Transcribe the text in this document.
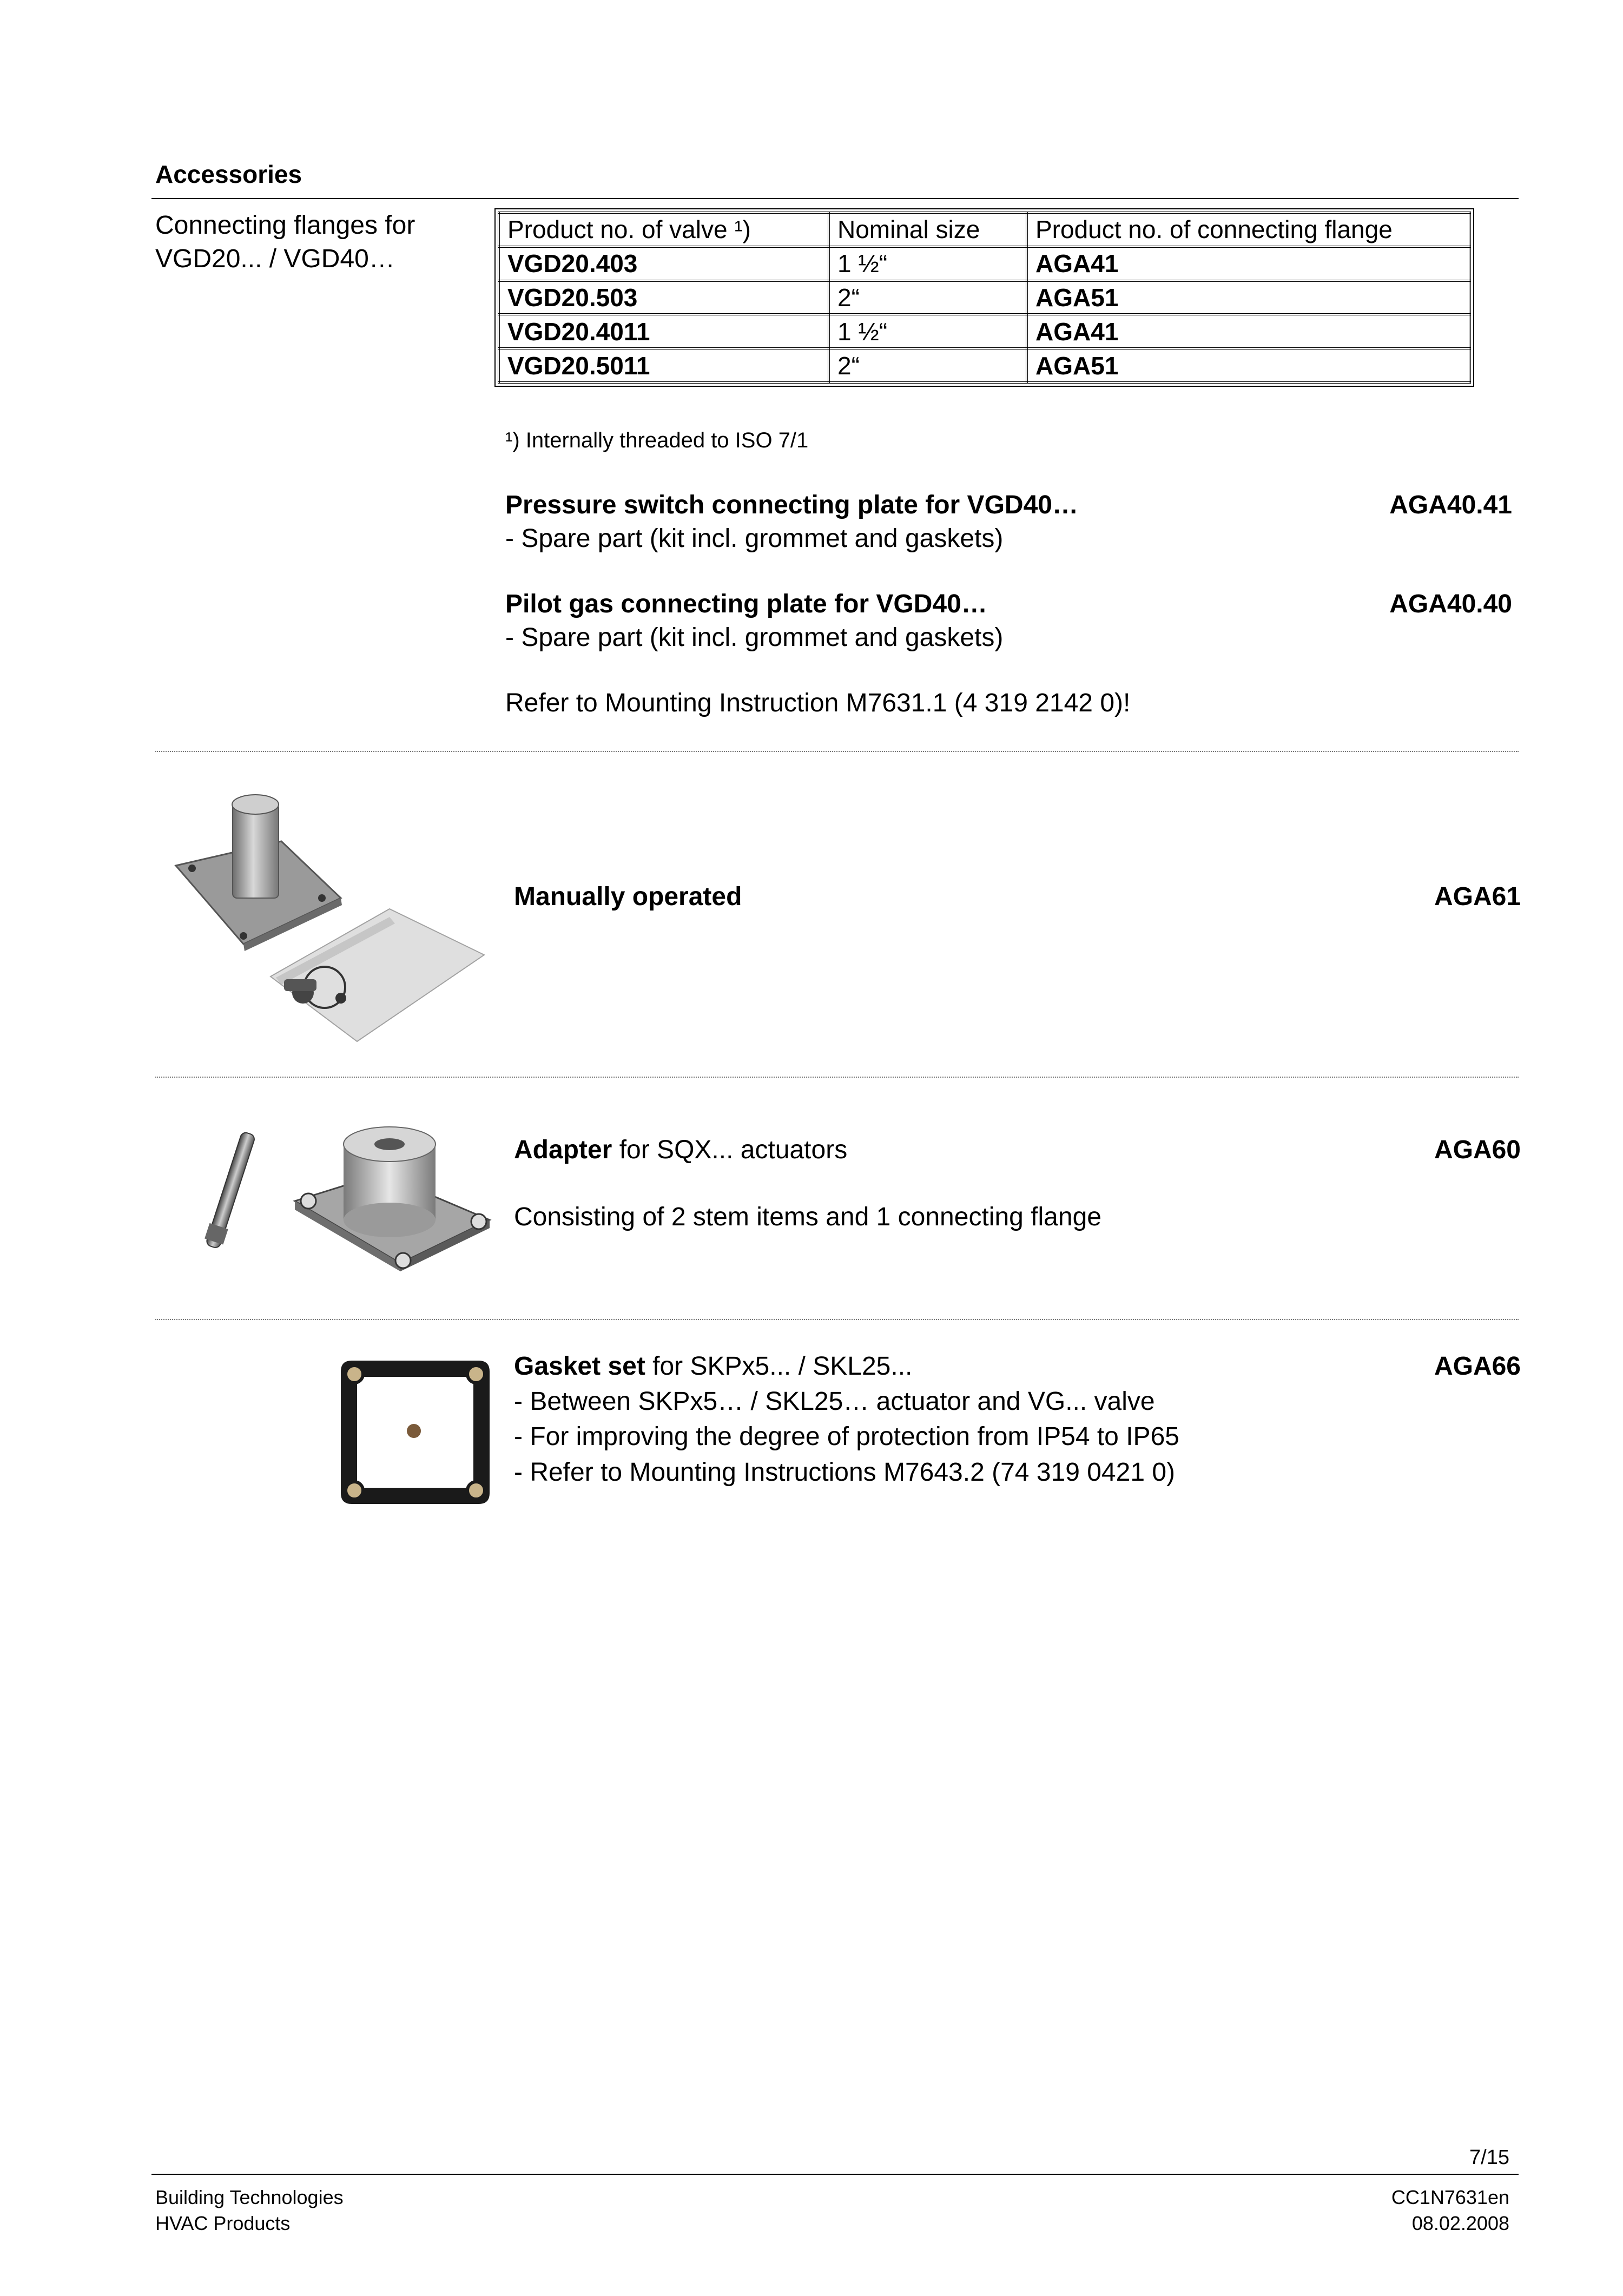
Accessories
Connecting flanges for
VGD20... / VGD40…
Product no. of valve ¹)	Nominal size	Product no. of connecting flange
VGD20.403	1 ½“	AGA41
VGD20.503	2“	AGA51
VGD20.4011	1 ½“	AGA41
VGD20.5011	2“	AGA51
¹) Internally threaded to ISO 7/1
Pressure switch connecting plate for VGD40…	AGA40.41
- Spare part (kit incl. grommet and gaskets)
Pilot gas connecting plate for VGD40…	AGA40.40
- Spare part (kit incl. grommet and gaskets)
Refer to Mounting Instruction M7631.1 (4 319 2142 0)!
Manually operated	AGA61
Adapter for SQX... actuators	AGA60
Consisting of 2 stem items and 1 connecting flange
Gasket set for SKPx5... / SKL25...	AGA66
- Between SKPx5… / SKL25… actuator and VG... valve
- For improving the degree of protection from IP54 to IP65
- Refer to Mounting Instructions M7643.2 (74 319 0421 0)
7/15
Building Technologies
HVAC Products
CC1N7631en
08.02.2008
